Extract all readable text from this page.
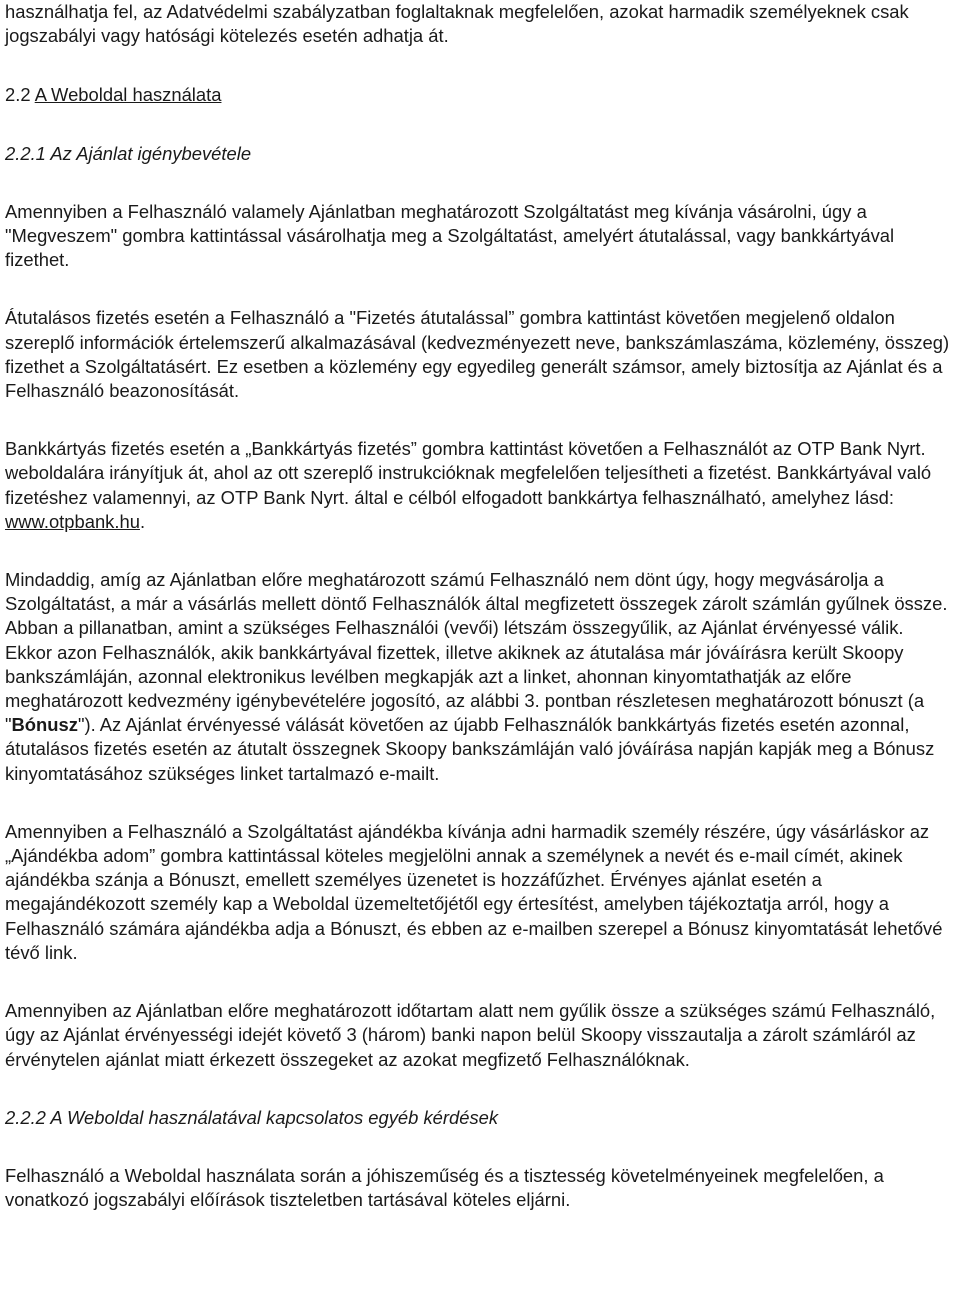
használhatja fel, az Adatvédelmi szabályzatban foglaltaknak megfelelően, azokat harmadik személyeknek csak jogszabályi vagy hatósági kötelezés esetén adhatja át.

2.2 A Weboldal használata

2.2.1 Az Ajánlat igénybevétele

Amennyiben a Felhasználó valamely Ajánlatban meghatározott Szolgáltatást meg kívánja vásárolni, úgy a "Megveszem" gombra kattintással vásárolhatja meg a Szolgáltatást, amelyért átutalással, vagy bankkártyával fizethet.

Átutalásos fizetés esetén a Felhasználó a "Fizetés átutalással” gombra kattintást követően megjelenő oldalon szereplő információk értelemszerű alkalmazásával (kedvezményezett neve, bankszámlaszáma, közlemény, összeg) fizethet a Szolgáltatásért. Ez esetben a közlemény egy egyedileg generált számsor, amely biztosítja az Ajánlat és a Felhasználó beazonosítását.

Bankkártyás fizetés esetén a „Bankkártyás fizetés” gombra kattintást követően a Felhasználót az OTP Bank Nyrt. weboldalára irányítjuk át, ahol az ott szereplő instrukcióknak megfelelően teljesítheti a fizetést. Bankkártyával való fizetéshez valamennyi, az OTP Bank Nyrt. által e célból elfogadott bankkártya felhasználható, amelyhez lásd: www.otpbank.hu.

Mindaddig, amíg az Ajánlatban előre meghatározott számú Felhasználó nem dönt úgy, hogy megvásárolja a Szolgáltatást, a már a vásárlás mellett döntő Felhasználók által megfizetett összegek zárolt számlán gyűlnek össze. Abban a pillanatban, amint a szükséges Felhasználói (vevői) létszám összegyűlik, az Ajánlat érvényessé válik. Ekkor azon Felhasználók, akik bankkártyával fizettek, illetve akiknek az átutalása már jóváírásra került Skoopy bankszámláján, azonnal elektronikus levélben megkapják azt a linket, ahonnan kinyomtathatják az előre meghatározott kedvezmény igénybevételére jogosító, az alábbi 3. pontban részletesen meghatározott bónuszt (a "Bónusz"). Az Ajánlat érvényessé válását követően az újabb Felhasználók bankkártyás fizetés esetén azonnal, átutalásos fizetés esetén az átutalt összegnek Skoopy bankszámláján való jóváírása napján kapják meg a Bónusz kinyomtatásához szükséges linket tartalmazó e-mailt.

Amennyiben a Felhasználó a Szolgáltatást ajándékba kívánja adni harmadik személy részére, úgy vásárláskor az „Ajándékba adom” gombra kattintással köteles megjelölni annak a személynek a nevét és e-mail címét, akinek ajándékba szánja a Bónuszt, emellett személyes üzenetet is hozzáfűzhet. Érvényes ajánlat esetén a megajándékozott személy kap a Weboldal üzemeltetőjétől egy értesítést, amelyben tájékoztatja arról, hogy a Felhasználó számára ajándékba adja a Bónuszt, és ebben az e-mailben szerepel a Bónusz kinyomtatását lehetővé tévő link.

Amennyiben az Ajánlatban előre meghatározott időtartam alatt nem gyűlik össze a szükséges számú Felhasználó, úgy az Ajánlat érvényességi idejét követő 3 (három) banki napon belül Skoopy visszautalja a zárolt számláról az érvénytelen ajánlat miatt érkezett összegeket az azokat megfizető Felhasználóknak.

2.2.2 A Weboldal használatával kapcsolatos egyéb kérdések

Felhasználó a Weboldal használata során a jóhiszeműség és a tisztesség követelményeinek megfelelően, a vonatkozó jogszabályi előírások tiszteletben tartásával köteles eljárni.
